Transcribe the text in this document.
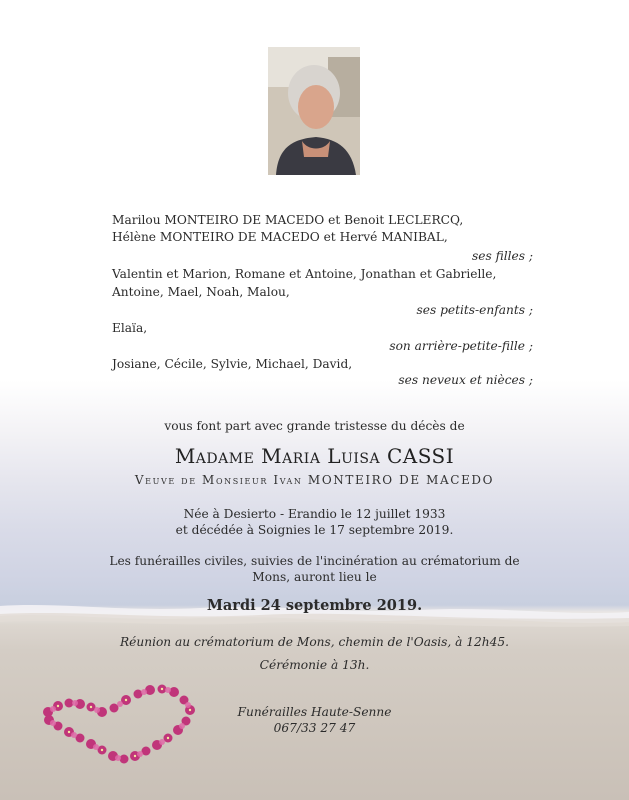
Marilou MONTEIRO DE MACEDO et Benoit LECLERCQ,
Hélène MONTEIRO DE MACEDO et Hervé MANIBAL,
ses filles ;
Valentin et Marion, Romane et Antoine, Jonathan et Gabrielle,
Antoine, Mael, Noah, Malou,
ses petits-enfants ;
Elaïa,
son arrière-petite-fille ;
Josiane, Cécile, Sylvie, Michael, David,
ses neveux et nièces ;
vous font part avec grande tristesse du décès de
Madame Maria Luisa CASSI
Veuve de Monsieur Ivan MONTEIRO DE MACEDO
Née à Desierto - Erandio le 12 juillet 1933
et décédée à Soignies le 17 septembre 2019.
Les funérailles civiles, suivies de l'incinération au crématorium de
Mons, auront lieu le
Mardi 24 septembre 2019.
Réunion au crématorium de Mons, chemin de l'Oasis, à 12h45.
Cérémonie à 13h.
Funérailles Haute-Senne
067/33 27 47
